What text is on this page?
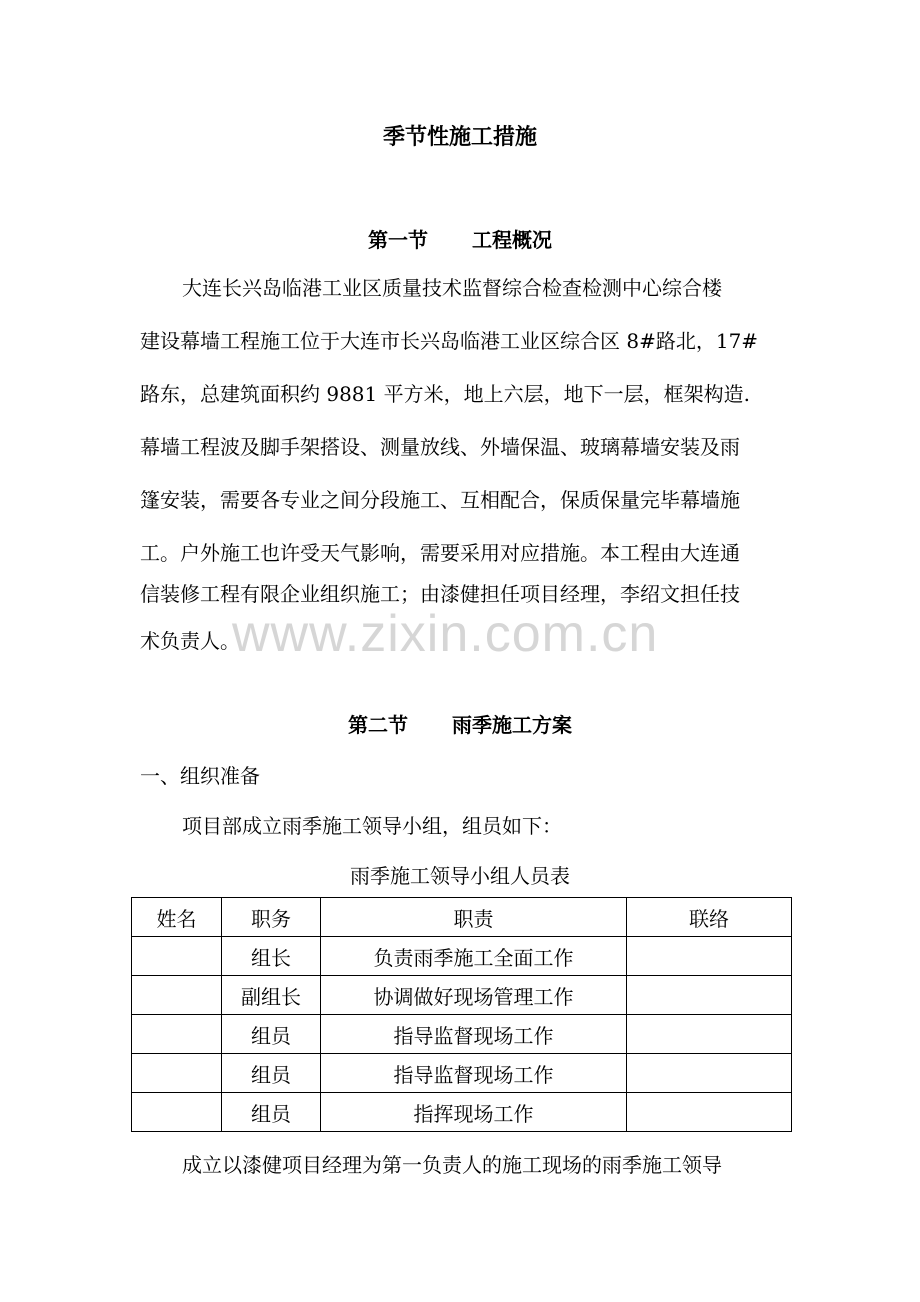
季节性施工措施
第一节 工程概况
大连长兴岛临港工业区质量技术监督综合检查检测中心综合楼
建设幕墙工程施工位于大连市长兴岛临港工业区综合区 8#路北，17#
路东，总建筑面积约 9881 平方米，地上六层，地下一层，框架构造.
幕墙工程波及脚手架搭设、测量放线、外墙保温、玻璃幕墙安装及雨
篷安装，需要各专业之间分段施工、互相配合，保质保量完毕幕墙施
工。户外施工也许受天气影响，需要采用对应措施。本工程由大连通
信装修工程有限企业组织施工；由漆健担任项目经理，李绍文担任技
术负责人。
www.zixin.com.cn
第二节 雨季施工方案
一、组织准备
项目部成立雨季施工领导小组，组员如下：
雨季施工领导小组人员表
姓名	职务	职责	联络
	组长	负责雨季施工全面工作	
	副组长	协调做好现场管理工作	
	组员	指导监督现场工作	
	组员	指导监督现场工作	
	组员	指挥现场工作	
成立以漆健项目经理为第一负责人的施工现场的雨季施工领导
